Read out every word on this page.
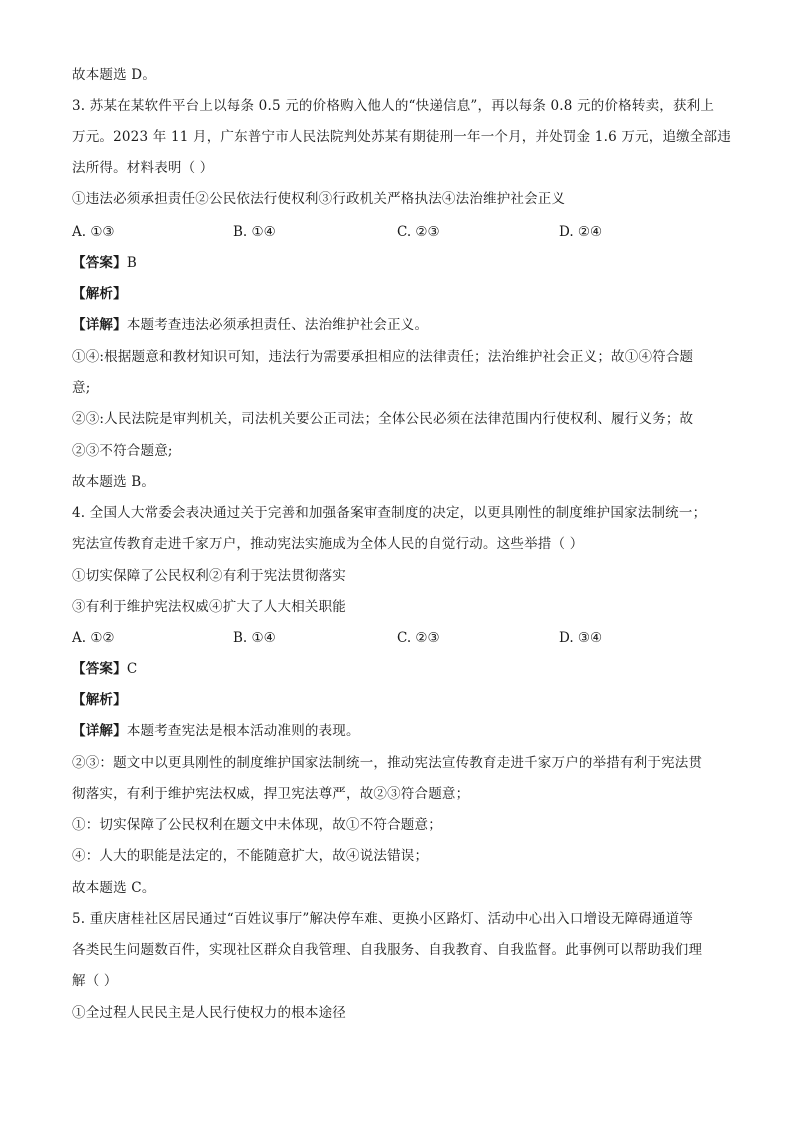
故本题选 D。
3. 苏某在某软件平台上以每条 0.5 元的价格购入他人的“快递信息”，再以每条 0.8 元的价格转卖，获利上
万元。2023 年 11 月，广东普宁市人民法院判处苏某有期徒刑一年一个月，并处罚金 1.6 万元，追缴全部违
法所得。材料表明（ ）
①违法必须承担责任②公民依法行使权利③行政机关严格执法④法治维护社会正义
A. ①③	B. ①④	C. ②③	D. ②④
【答案】B
【解析】
【详解】本题考查违法必须承担责任、法治维护社会正义。
①④:根据题意和教材知识可知，违法行为需要承担相应的法律责任；法治维护社会正义；故①④符合题
意;
②③:人民法院是审判机关，司法机关要公正司法；全体公民必须在法律范围内行使权利、履行义务；故
②③不符合题意;
故本题选 B。
4. 全国人大常委会表决通过关于完善和加强备案审查制度的决定，以更具刚性的制度维护国家法制统一；
宪法宣传教育走进千家万户，推动宪法实施成为全体人民的自觉行动。这些举措（ ）
①切实保障了公民权利②有利于宪法贯彻落实
③有利于维护宪法权威④扩大了人大相关职能
A. ①②	B. ①④	C. ②③	D. ③④
【答案】C
【解析】
【详解】本题考查宪法是根本活动准则的表现。
②③：题文中以更具刚性的制度维护国家法制统一，推动宪法宣传教育走进千家万户的举措有利于宪法贯
彻落实，有利于维护宪法权威，捍卫宪法尊严，故②③符合题意；
①：切实保障了公民权利在题文中未体现，故①不符合题意；
④：人大的职能是法定的，不能随意扩大，故④说法错误；
故本题选 C。
5. 重庆唐桂社区居民通过“百姓议事厅”解决停车难、更换小区路灯、活动中心出入口增设无障碍通道等
各类民生问题数百件，实现社区群众自我管理、自我服务、自我教育、自我监督。此事例可以帮助我们理
解（ ）
①全过程人民民主是人民行使权力的根本途径
